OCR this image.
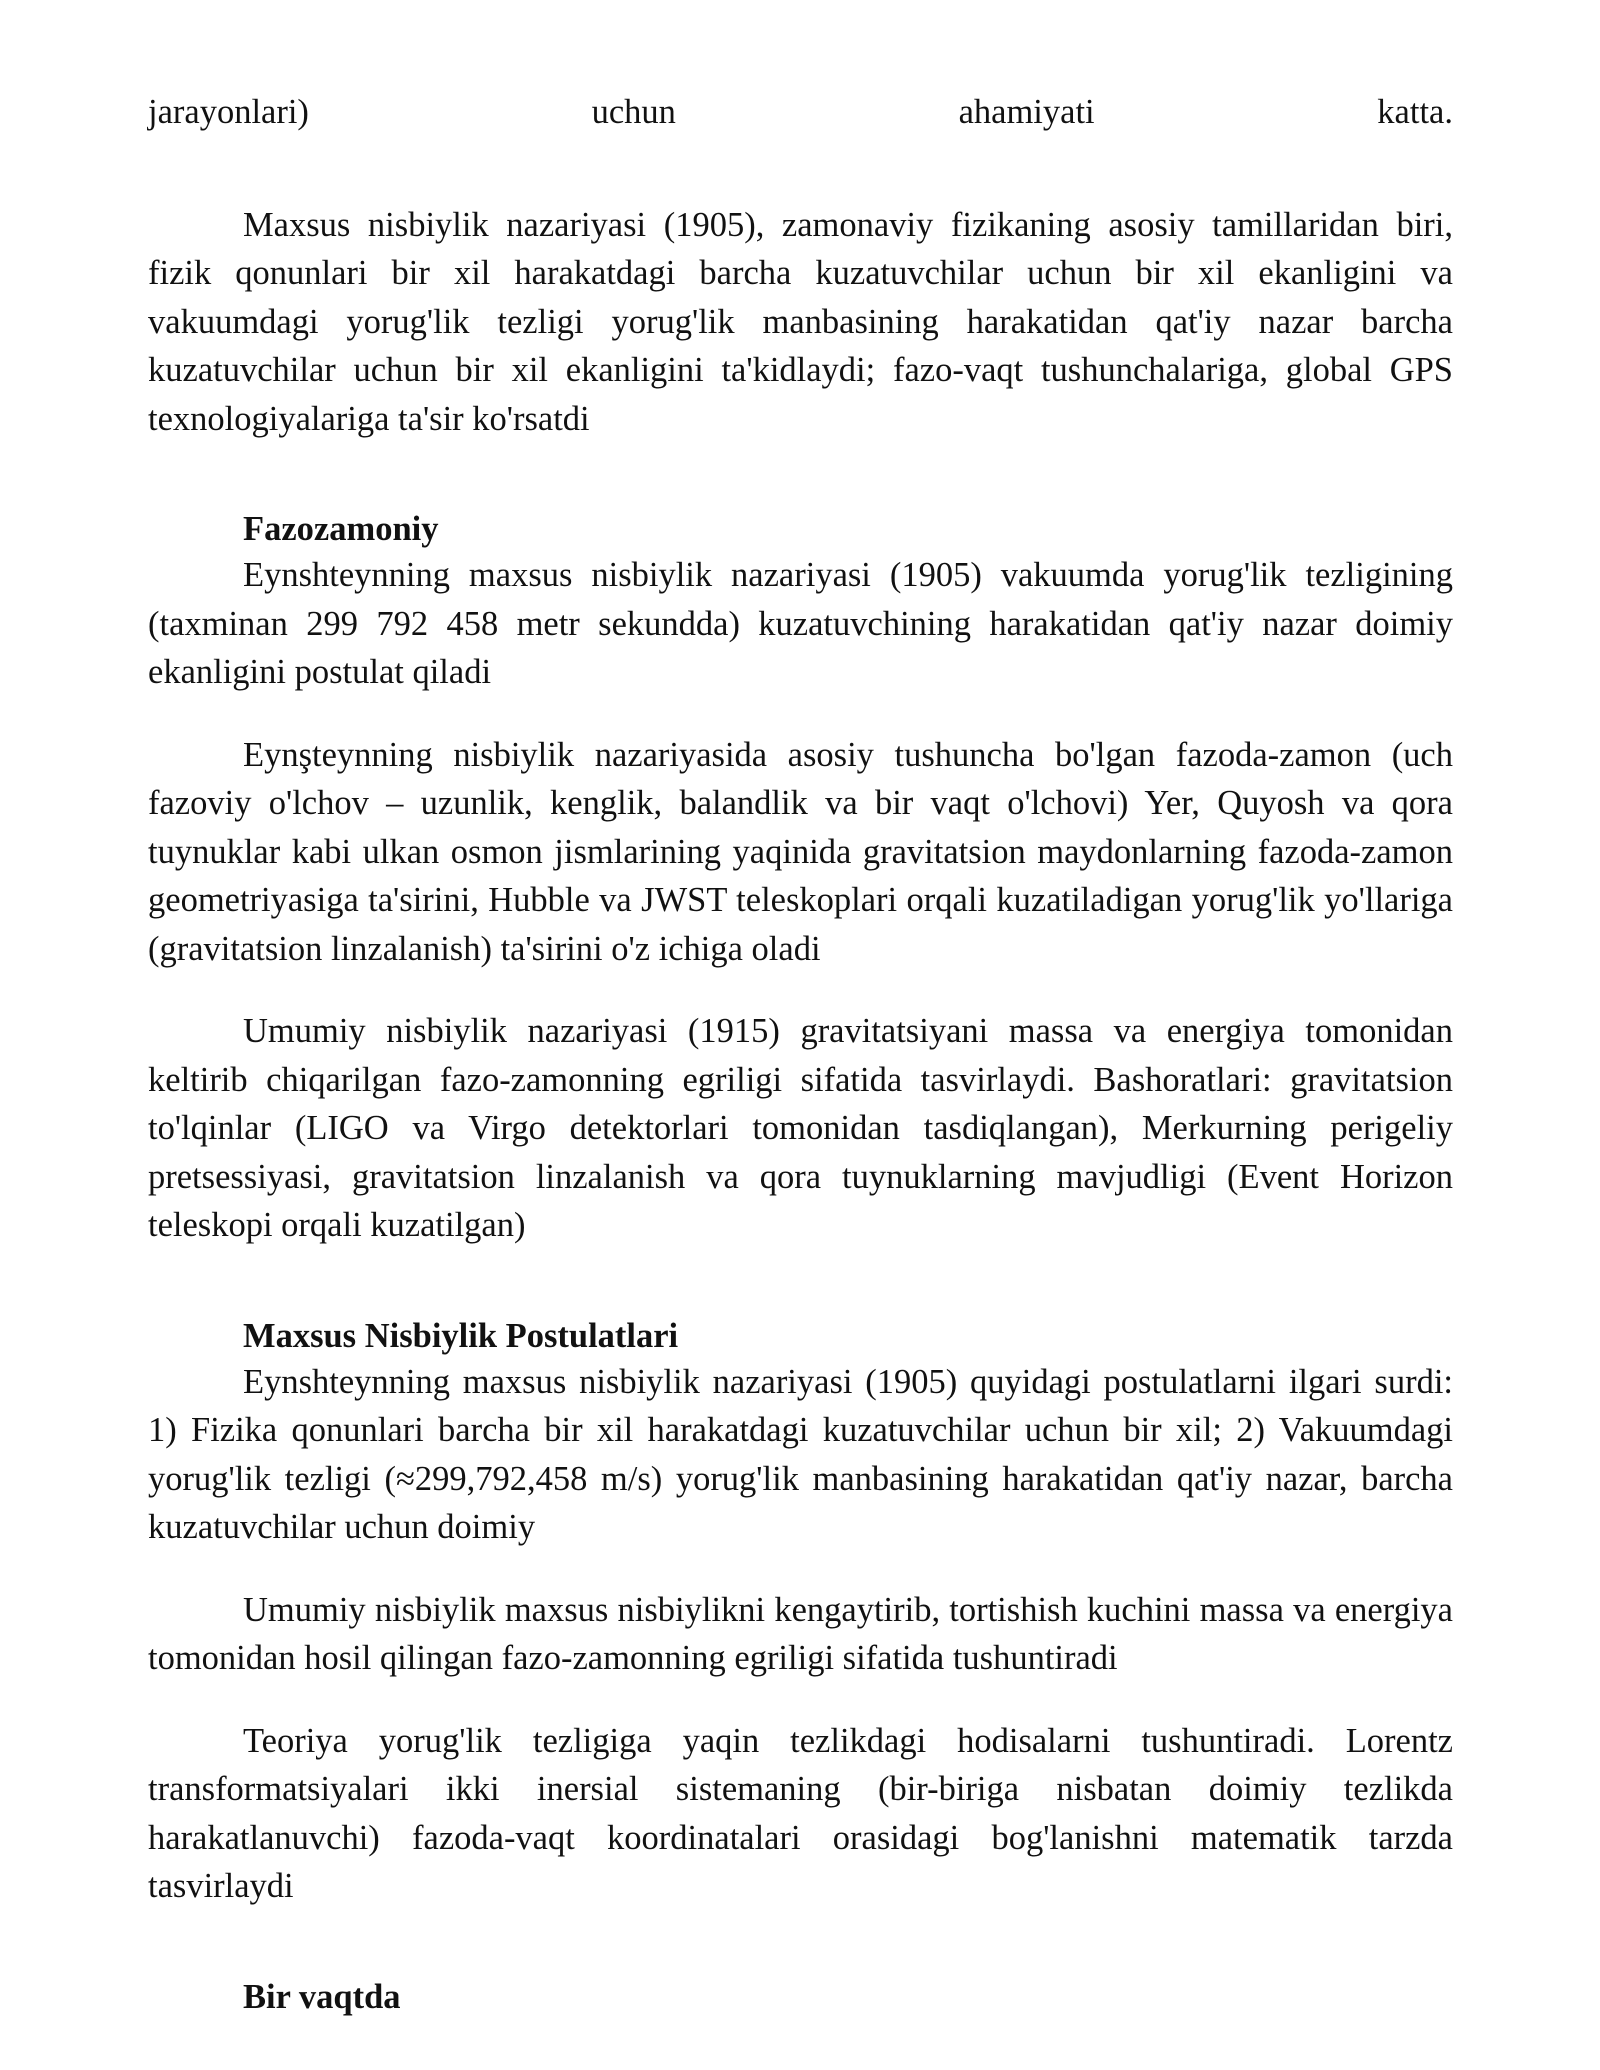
jarayonlari)	uchun	ahamiyati	katta.

Maxsus nisbiylik nazariyasi (1905), zamonaviy fizikaning asosiy tamillaridan biri, fizik qonunlari bir xil harakatdagi barcha kuzatuvchilar uchun bir xil ekanligini va vakuumdagi yorug'lik tezligi yorug'lik manbasining harakatidan qat'iy nazar barcha kuzatuvchilar uchun bir xil ekanligini ta'kidlaydi; fazo-vaqt tushunchalariga, global GPS texnologiyalariga ta'sir ko'rsatdi

Fazozamoniy

Eynshteynning maxsus nisbiylik nazariyasi (1905) vakuumda yorug'lik tezligining (taxminan 299 792 458 metr sekundda) kuzatuvchining harakatidan qat'iy nazar doimiy ekanligini postulat qiladi

Eynşteynning nisbiylik nazariyasida asosiy tushuncha bo'lgan fazoda-zamon (uch fazoviy o'lchov – uzunlik, kenglik, balandlik va bir vaqt o'lchovi) Yer, Quyosh va qora tuynuklar kabi ulkan osmon jismlarining yaqinida gravitatsion maydonlarning fazoda-zamon geometriyasiga ta'sirini, Hubble va JWST teleskoplari orqali kuzatiladigan yorug'lik yo'llariga (gravitatsion linzalanish) ta'sirini o'z ichiga oladi

Umumiy nisbiylik nazariyasi (1915) gravitatsiyani massa va energiya tomonidan keltirib chiqarilgan fazo-zamonning egriligi sifatida tasvirlaydi. Bashoratlari: gravitatsion to'lqinlar (LIGO va Virgo detektorlari tomonidan tasdiqlangan), Merkurning perigeliy pretsessiyasi, gravitatsion linzalanish va qora tuynuklarning mavjudligi (Event Horizon teleskopi orqali kuzatilgan)

Maxsus Nisbiylik Postulatlari

Eynshteynning maxsus nisbiylik nazariyasi (1905) quyidagi postulatlarni ilgari surdi: 1) Fizika qonunlari barcha bir xil harakatdagi kuzatuvchilar uchun bir xil; 2) Vakuumdagi yorug'lik tezligi (≈299,792,458 m/s) yorug'lik manbasining harakatidan qat'iy nazar, barcha kuzatuvchilar uchun doimiy

Umumiy nisbiylik maxsus nisbiylikni kengaytirib, tortishish kuchini massa va energiya tomonidan hosil qilingan fazo-zamonning egriligi sifatida tushuntiradi

Teoriya yorug'lik tezligiga yaqin tezlikdagi hodisalarni tushuntiradi. Lorentz transformatsiyalari ikki inersial sistemaning (bir-biriga nisbatan doimiy tezlikda harakatlanuvchi) fazoda-vaqt koordinatalari orasidagi bog'lanishni matematik tarzda tasvirlaydi

Bir vaqtda
